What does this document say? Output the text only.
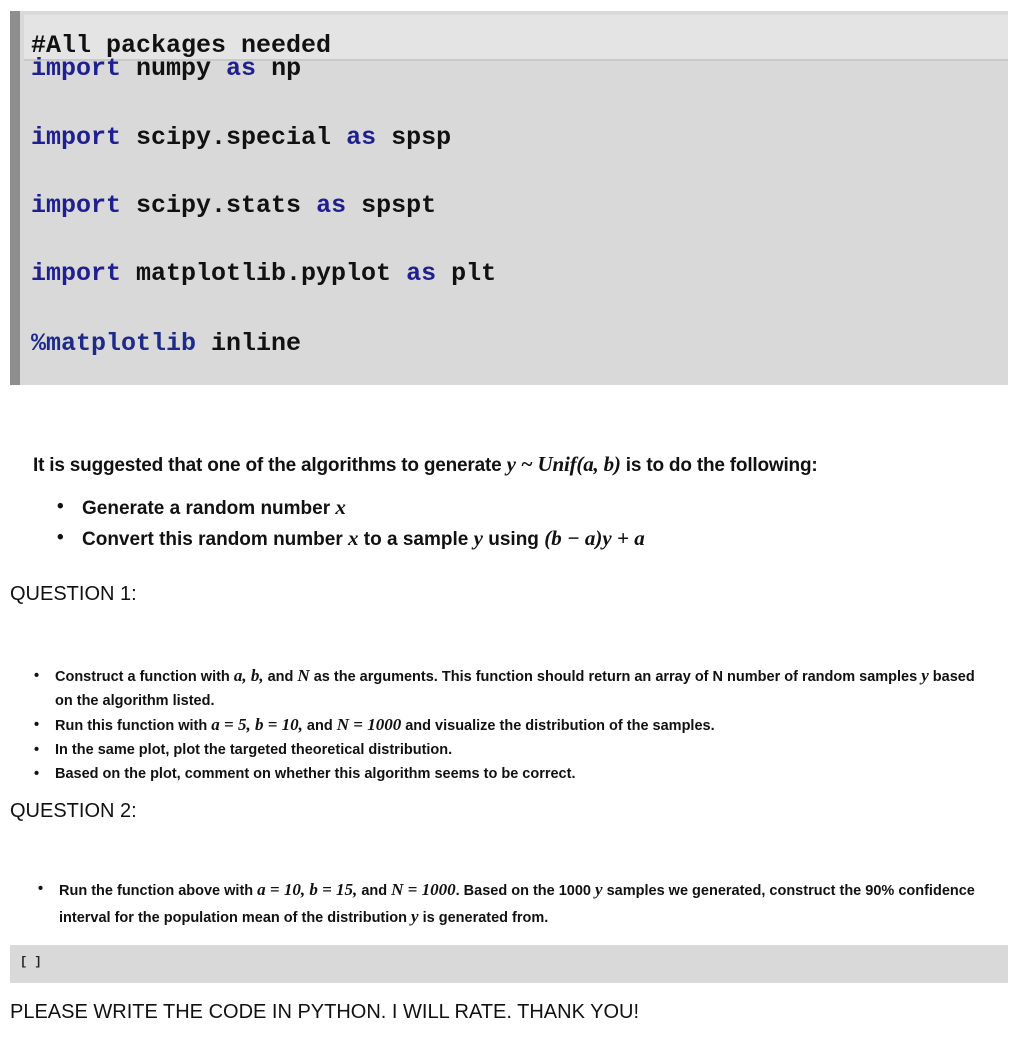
#All packages needed
import numpy as np
import scipy.special as spsp
import scipy.stats as spspt
import matplotlib.pyplot as plt
%matplotlib inline

It is suggested that one of the algorithms to generate y ~ Unif(a, b) is to do the following:

• Generate a random number x
• Convert this random number x to a sample y using (b − a)y + a
QUESTION 1:
• Construct a function with a, b, and N as the arguments. This function should return an array of N number of random samples y based on the algorithm listed.
• Run this function with a = 5, b = 10, and N = 1000 and visualize the distribution of the samples.
• In the same plot, plot the targeted theoretical distribution.
• Based on the plot, comment on whether this algorithm seems to be correct.
QUESTION 2:
• Run the function above with a = 10, b = 15, and N = 1000. Based on the 1000 y samples we generated, construct the 90% confidence interval for the population mean of the distribution y is generated from.
[ ]

PLEASE WRITE THE CODE IN PYTHON. I WILL RATE. THANK YOU!
